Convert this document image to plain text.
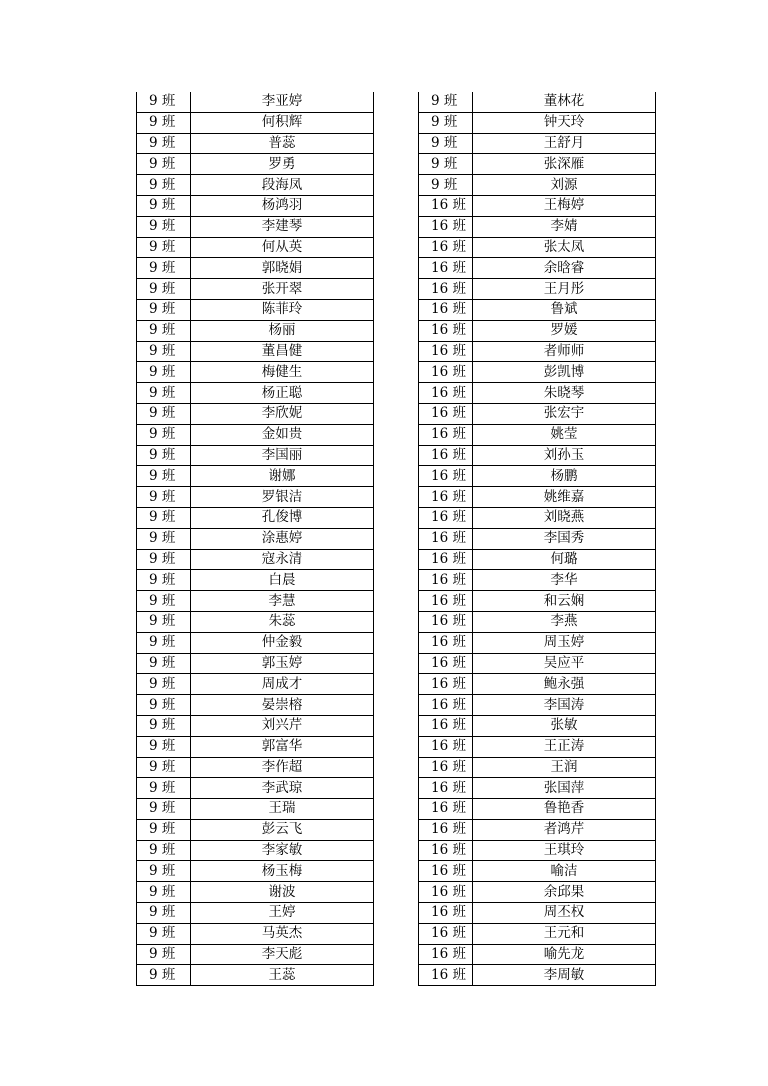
9 班	李亚婷
9 班	何积辉
9 班	普蕊
9 班	罗勇
9 班	段海凤
9 班	杨鸿羽
9 班	李建琴
9 班	何从英
9 班	郭晓娟
9 班	张开翠
9 班	陈菲玲
9 班	杨丽
9 班	董昌健
9 班	梅健生
9 班	杨正聪
9 班	李欣妮
9 班	金如贵
9 班	李国丽
9 班	谢娜
9 班	罗银洁
9 班	孔俊博
9 班	涂惠婷
9 班	寇永清
9 班	白晨
9 班	李慧
9 班	朱蕊
9 班	仲金毅
9 班	郭玉婷
9 班	周成才
9 班	晏崇榕
9 班	刘兴芹
9 班	郭富华
9 班	李作超
9 班	李武琼
9 班	王瑞
9 班	彭云飞
9 班	李家敏
9 班	杨玉梅
9 班	谢波
9 班	王婷
9 班	马英杰
9 班	李天彪
9 班	王蕊
9 班	董林花
9 班	钟天玲
9 班	王舒月
9 班	张深雁
9 班	刘源
16 班	王梅婷
16 班	李婧
16 班	张太凤
16 班	余晗睿
16 班	王月彤
16 班	鲁斌
16 班	罗媛
16 班	者师师
16 班	彭凯博
16 班	朱晓琴
16 班	张宏宇
16 班	姚莹
16 班	刘孙玉
16 班	杨鹏
16 班	姚维嘉
16 班	刘晓燕
16 班	李国秀
16 班	何璐
16 班	李华
16 班	和云娴
16 班	李燕
16 班	周玉婷
16 班	吴应平
16 班	鲍永强
16 班	李国涛
16 班	张敏
16 班	王正涛
16 班	王润
16 班	张国萍
16 班	鲁艳香
16 班	者鸿芹
16 班	王琪玲
16 班	喻洁
16 班	余邱果
16 班	周丕权
16 班	王元和
16 班	喻先龙
16 班	李周敏
